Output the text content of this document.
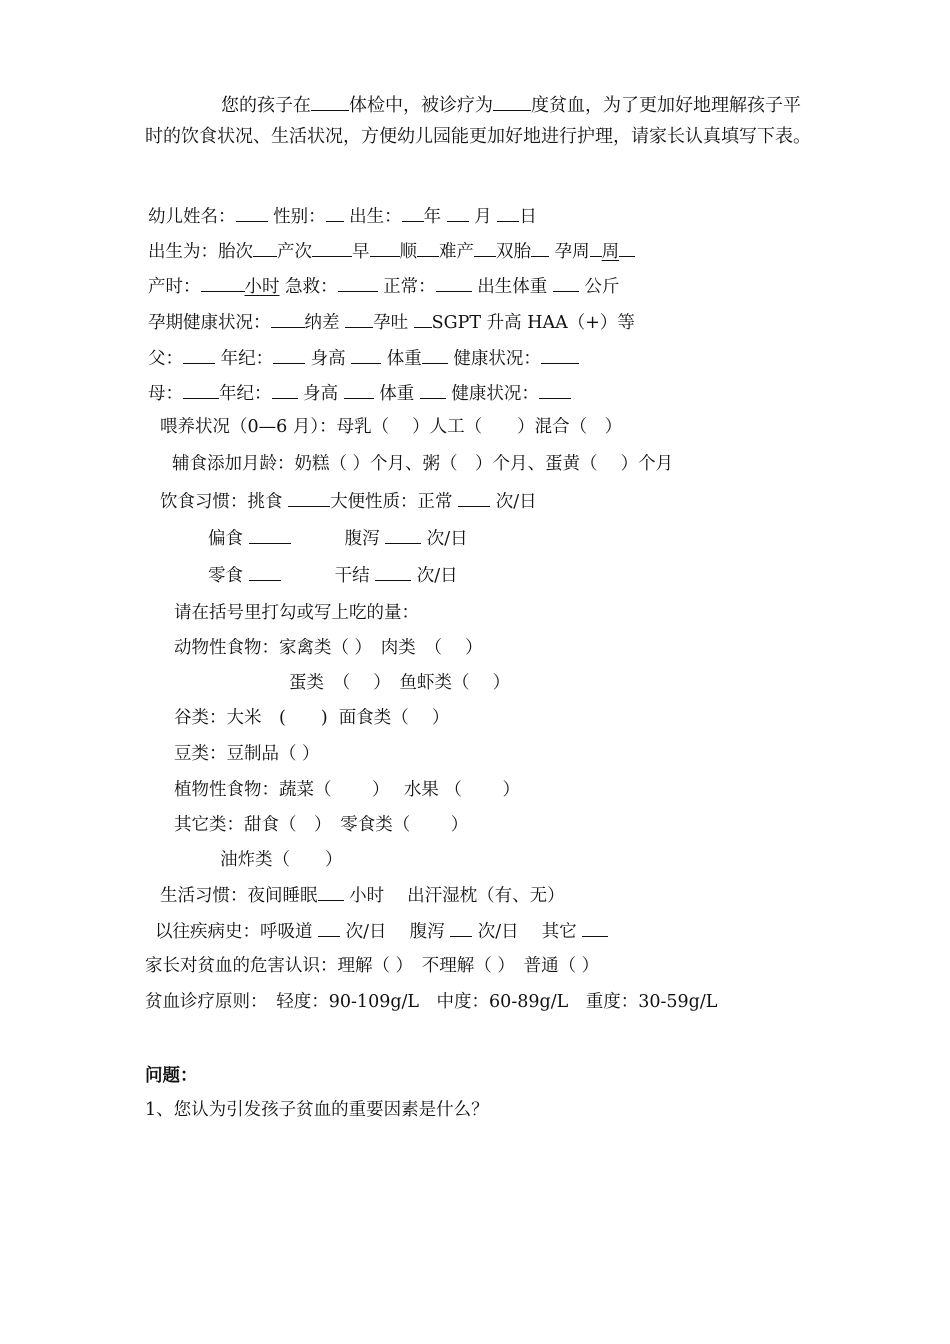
您的孩子在 体检中，被诊疗为 度贫血，为了更加好地理解孩子平时的饮食状况、生活状况，方便幼儿园能更加好地进行护理，请家长认真填写下表。
幼儿姓名： 性别： 出生： 年  月 日
出生为：胎次 产次 早 顺 难产 双胎 孕周 周
产时：	小时 急救： 正常： 出生体重  公斤
孕期健康状况： 纳差 孕吐 SGPT 升高 HAA（+）等
父： 年纪： 身高  体重 健康状况：
母： 年纪： 身高  体重  健康状况：
喂养状况（0—6 月）：母乳（　 ）人工（　　）混合（　）
辅食添加月龄：奶糕（ ）个月、粥（　）个月、蛋黄（　 ）个月
饮食习惯：挑食 大便性质：正常  次/日
偏食	腹泻  次/日
零食	干结  次/日
请在括号里打勾或写上吃的量：
动物性食物：家禽类（ ）　肉类　（　 ）
蛋类　（　 ）　鱼虾类（　 ）
谷类：大米　(　　)  面食类（　 ）
豆类：豆制品（ ）
植物性食物：蔬菜（　　 ）　 水果 （　　 ）
其它类：甜食（　）　零食类（　　 ）
油炸类（　　）
生活习惯：夜间睡眠 小时　 出汗湿枕（有、无）
以往疾病史：呼吸道  次/日　 腹泻  次/日　 其它
家长对贫血的危害认识：理解（ ）　不理解（ ）　普通（ ）
贫血诊疗原则：　轻度：90-109g/L　中度：60-89g/L　重度：30-59g/L
问题：
1、您认为引发孩子贫血的重要因素是什么？
